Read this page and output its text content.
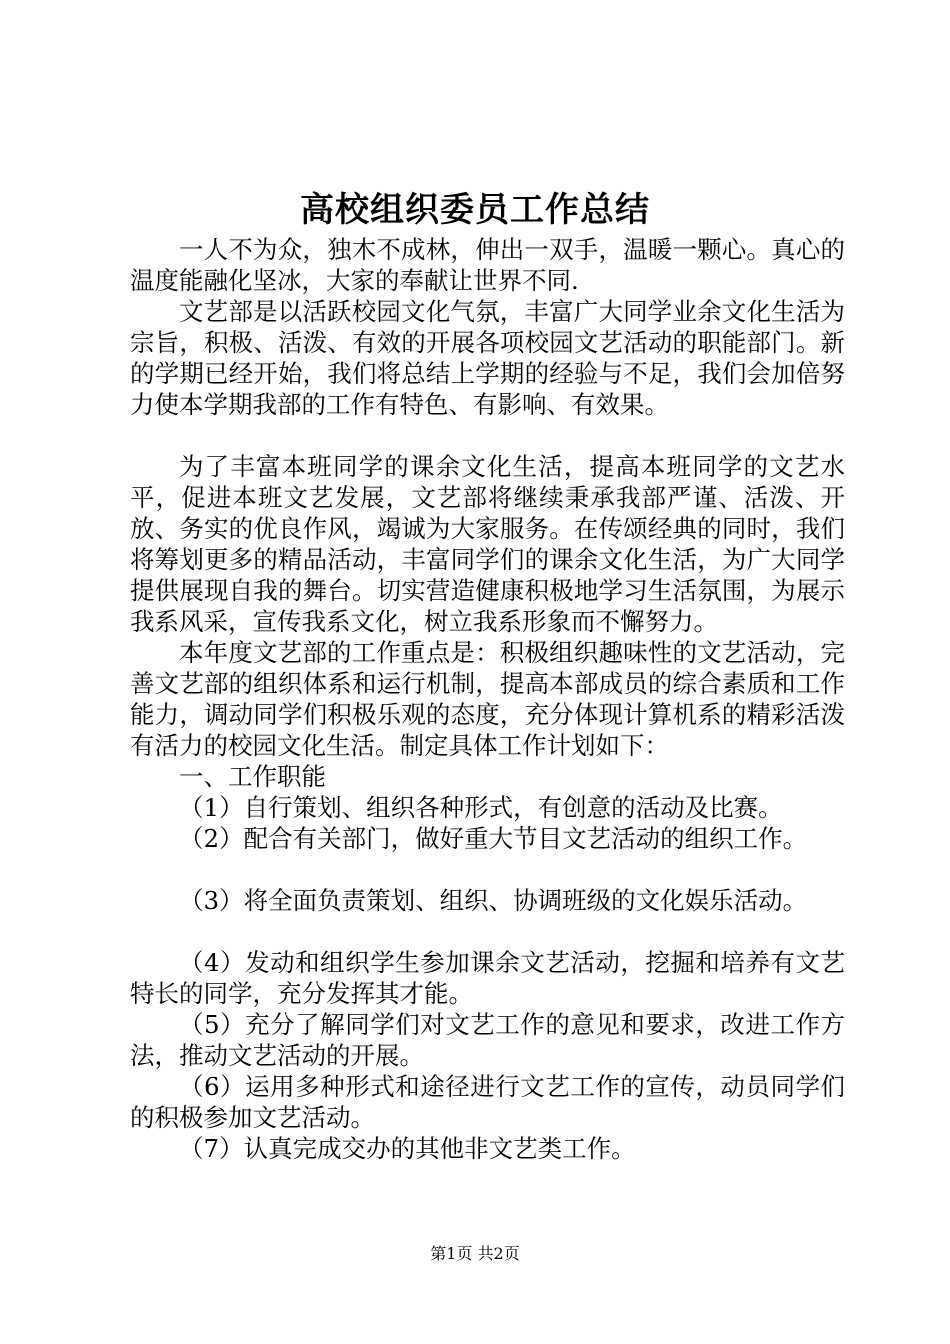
高校组织委员工作总结

一人不为众，独木不成林，伸出一双手，温暖一颗心。真心的温度能融化坚冰，大家的奉献让世界不同.

文艺部是以活跃校园文化气氛，丰富广大同学业余文化生活为宗旨，积极、活泼、有效的开展各项校园文艺活动的职能部门。新的学期已经开始，我们将总结上学期的经验与不足，我们会加倍努力使本学期我部的工作有特色、有影响、有效果。

为了丰富本班同学的课余文化生活，提高本班同学的文艺水平，促进本班文艺发展，文艺部将继续秉承我部严谨、活泼、开放、务实的优良作风，竭诚为大家服务。在传颂经典的同时，我们将筹划更多的精品活动，丰富同学们的课余文化生活，为广大同学提供展现自我的舞台。切实营造健康积极地学习生活氛围，为展示我系风采，宣传我系文化，树立我系形象而不懈努力。

本年度文艺部的工作重点是：积极组织趣味性的文艺活动，完善文艺部的组织体系和运行机制，提高本部成员的综合素质和工作能力，调动同学们积极乐观的态度，充分体现计算机系的精彩活泼有活力的校园文化生活。制定具体工作计划如下：

一、工作职能

（1）自行策划、组织各种形式，有创意的活动及比赛。

（2）配合有关部门，做好重大节目文艺活动的组织工作。

（3）将全面负责策划、组织、协调班级的文化娱乐活动。

（4）发动和组织学生参加课余文艺活动，挖掘和培养有文艺特长的同学，充分发挥其才能。

（5）充分了解同学们对文艺工作的意见和要求，改进工作方法，推动文艺活动的开展。

（6）运用多种形式和途径进行文艺工作的宣传，动员同学们的积极参加文艺活动。

（7）认真完成交办的其他非文艺类工作。

第1页 共2页
